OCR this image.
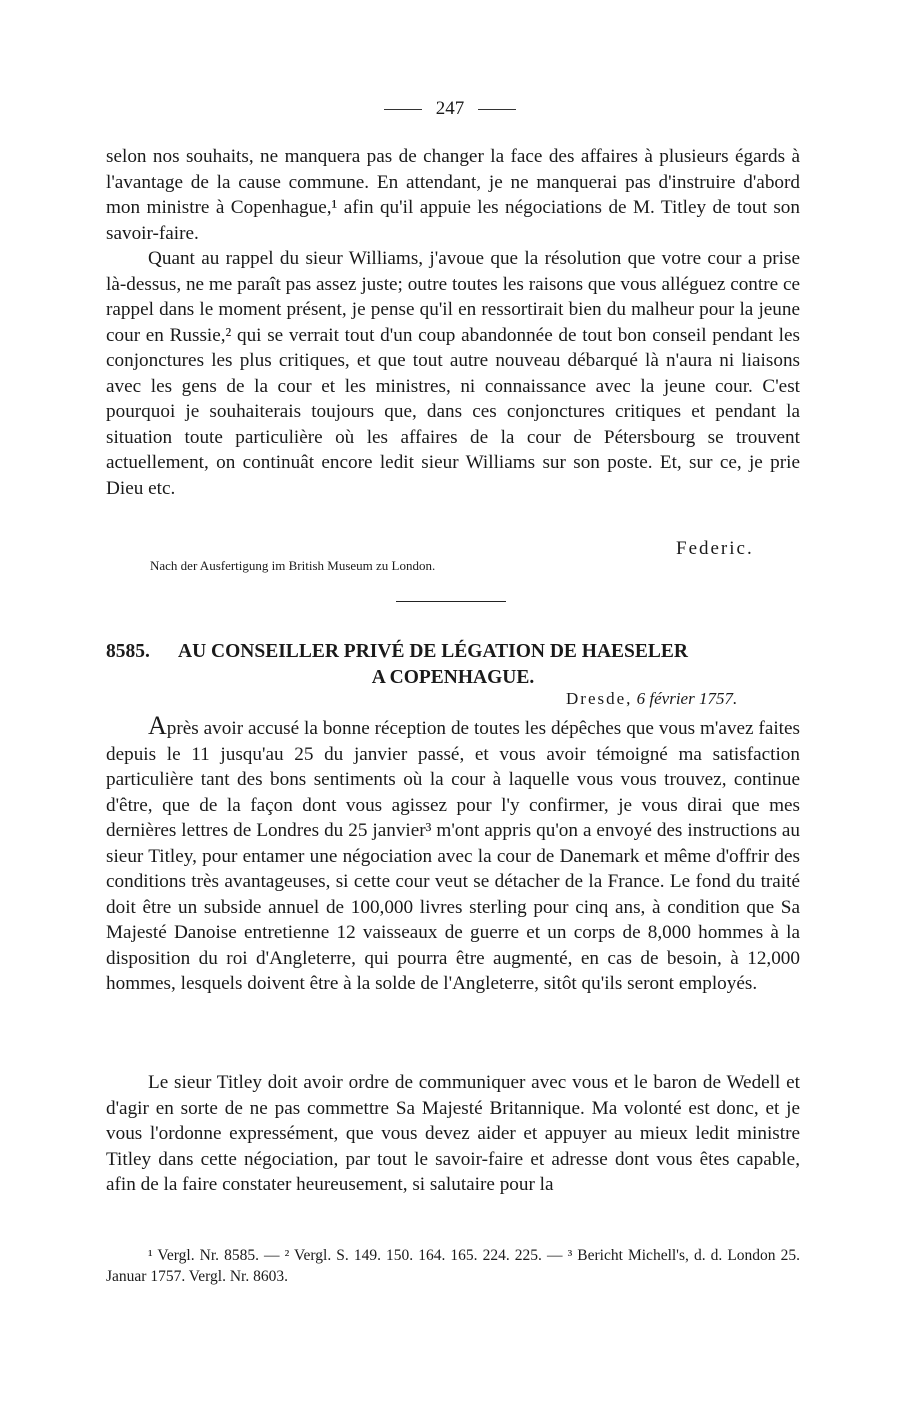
247

selon nos souhaits, ne manquera pas de changer la face des affaires à plusieurs égards à l'avantage de la cause commune. En attendant, je ne manquerai pas d'instruire d'abord mon ministre à Copenhague,¹ afin qu'il appuie les négociations de M. Titley de tout son savoir-faire.

Quant au rappel du sieur Williams, j'avoue que la résolution que votre cour a prise là-dessus, ne me paraît pas assez juste; outre toutes les raisons que vous alléguez contre ce rappel dans le moment présent, je pense qu'il en ressortirait bien du malheur pour la jeune cour en Russie,² qui se verrait tout d'un coup abandonnée de tout bon conseil pendant les conjonctures les plus critiques, et que tout autre nouveau débarqué là n'aura ni liaisons avec les gens de la cour et les ministres, ni connaissance avec la jeune cour. C'est pourquoi je souhaiterais toujours que, dans ces conjonctures critiques et pendant la situation toute particulière où les affaires de la cour de Pétersbourg se trouvent actuellement, on continuât encore ledit sieur Williams sur son poste. Et, sur ce, je prie Dieu etc.

Federic.
Nach der Ausfertigung im British Museum zu London.
8585. AU CONSEILLER PRIVÉ DE LÉGATION DE HAESELER
A COPENHAGUE.
Dresde, 6 février 1757.

Après avoir accusé la bonne réception de toutes les dépêches que vous m'avez faites depuis le 11 jusqu'au 25 du janvier passé, et vous avoir témoigné ma satisfaction particulière tant des bons sentiments où la cour à laquelle vous vous trouvez, continue d'être, que de la façon dont vous agissez pour l'y confirmer, je vous dirai que mes dernières lettres de Londres du 25 janvier³ m'ont appris qu'on a envoyé des instructions au sieur Titley, pour entamer une négociation avec la cour de Danemark et même d'offrir des conditions très avantageuses, si cette cour veut se détacher de la France. Le fond du traité doit être un subside annuel de 100,000 livres sterling pour cinq ans, à condition que Sa Majesté Danoise entretienne 12 vaisseaux de guerre et un corps de 8,000 hommes à la disposition du roi d'Angleterre, qui pourra être augmenté, en cas de besoin, à 12,000 hommes, lesquels doivent être à la solde de l'Angleterre, sitôt qu'ils seront employés.

Le sieur Titley doit avoir ordre de communiquer avec vous et le baron de Wedell et d'agir en sorte de ne pas commettre Sa Majesté Britannique. Ma volonté est donc, et je vous l'ordonne expressément, que vous devez aider et appuyer au mieux ledit ministre Titley dans cette négociation, par tout le savoir-faire et adresse dont vous êtes capable, afin de la faire constater heureusement, si salutaire pour la

¹ Vergl. Nr. 8585. — ² Vergl. S. 149. 150. 164. 165. 224. 225. — ³ Bericht Michell's, d. d. London 25. Januar 1757. Vergl. Nr. 8603.
